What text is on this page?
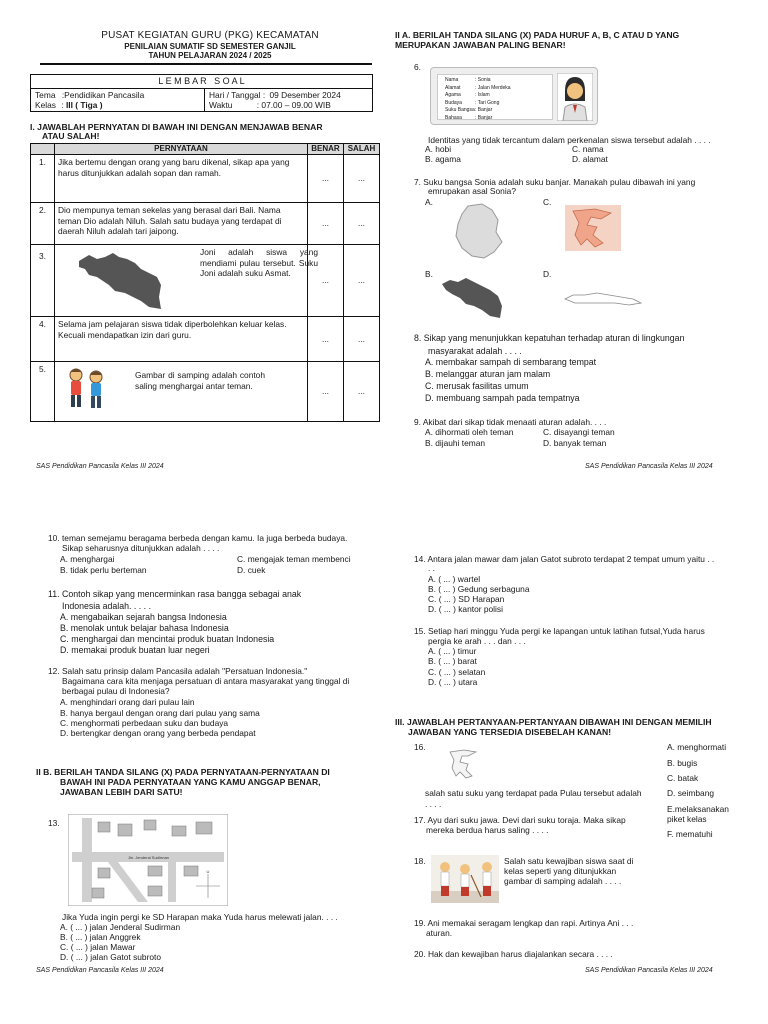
PUSAT KEGIATAN GURU (PKG) KECAMATAN
PENILAIAN SUMATIF SD SEMESTER GANJIL
TAHUN PELAJARAN 2024 / 2025
L E M B A R   S O A L
Tema :Pendidikan Pancasila
Kelas : III ( Tiga )
Hari / Tanggal : 09 Desember 2024
Waktu	: 07.00 – 09.00 WIB
I. JAWABLAH PERNYATAN DI BAWAH INI DENGAN MENJAWAB BENAR
ATAU SALAH!
	PERNYATAAN	BENAR	SALAH
1.	Jika bertemu dengan orang yang baru dikenal, sikap apa yang harus ditunjukkan adalah sopan dan ramah.	...	...
2.	Dio mempunya teman sekelas yang berasal dari Bali. Nama teman Dio adalah Niluh. Salah satu budaya yang terdapat di daerah Niluh adalah tari jaipong.	...	...
3.	Joni adalah siswa yang mendiami pulau tersebut. Suku Joni adalah suku Asmat.	...	...
4.	Selama jam pelajaran siswa tidak diperbolehkan keluar kelas. Kecuali mendapatkan izin dari guru.	...	...
5.	Gambar di samping adalah contoh saling menghargai antar teman.	...	...
SAS Pendidikan Pancasila Kelas III 2024
II A. BERILAH TANDA SILANG (X) PADA HURUF A, B, C ATAU D YANG
MERUPAKAN JAWABAN PALING BENAR!
6.
Nama	: Sonia
Alamat	: Jalan Merdeka
Agama	: Islam
Budaya	: Tari Gong
Suku Bangsa: Banjar
Bahasa	: Banjar
Identitas yang tidak tercantum dalam perkenalan siswa tersebut adalah . . . .
A. hobi
B. agama
C. nama
D. alamat
7. Suku bangsa Sonia adalah suku banjar. Manakah pulau dibawah ini yang
emrupakan asal Sonia?
A.	C.
B.	D.
8. Sikap yang menunjukkan kepatuhan terhadap aturan di lingkungan
masyarakat adalah . . . .
A. membakar sampah di sembarang tempat
B. melanggar aturan jam malam
C. merusak fasilitas umum
D. membuang sampah pada tempatnya
9. Akibat dari sikap tidak menaati aturan adalah. . . .
A. dihormati oleh teman
B. dijauhi teman
C. disayangi teman
D. banyak teman
SAS Pendidikan Pancasila Kelas III 2024
10. teman semejamu beragama berbeda dengan kamu. Ia juga berbeda budaya.
Sikap seharusnya ditunjukkan adalah . . . .
A. menghargai
B. tidak perlu berteman
C. mengajak teman membenci
D. cuek
11. Contoh sikap yang mencerminkan rasa bangga sebagai anak
Indonesia adalah. . . . .
A. mengabaikan sejarah bangsa Indonesia
B. menolak untuk belajar bahasa Indonesia
C. menghargai dan mencintai produk buatan Indonesia
D. memakai produk buatan luar negeri
12. Salah satu prinsip dalam Pancasila adalah "Persatuan Indonesia."
Bagaimana cara kita menjaga persatuan di antara masyarakat yang tinggal di
berbagai pulau di Indonesia?
A. menghindari orang dari pulau lain
B. hanya bergaul dengan orang dari pulau yang sama
C. menghormati perbedaan suku dan budaya
D. bertengkar dengan orang yang berbeda pendapat
II B. BERILAH TANDA SILANG (X) PADA PERNYATAAN-PERNYATAAN DI
BAWAH INI PADA PERNYATAAN YANG KAMU ANGGAP BENAR,
JAWABAN LEBIH DARI SATU!
13.
U
Jln. Jenderal Sudirman
Jika Yuda ingin pergi ke SD Harapan maka Yuda harus melewati jalan. . . .
A. ( ... ) jalan Jenderal Sudirman
B. ( ... ) jalan Anggrek
C. ( ... ) jalan Mawar
D. ( ... ) jalan Gatot subroto
SAS Pendidikan Pancasila Kelas III 2024
14. Antara jalan mawar dam jalan Gatot subroto terdapat 2 tempat umum yaitu . .
. .
A. ( ... ) wartel
B. ( ... ) Gedung serbaguna
C. ( ... ) SD Harapan
D. ( ... ) kantor polisi
15. Setiap hari minggu Yuda pergi ke lapangan untuk latihan futsal,Yuda harus
pergia ke arah . . . dan . . .
A. ( ... ) timur
B. ( ... ) barat
C. ( ... ) selatan
D. ( ... ) utara
III. JAWABLAH PERTANYAAN-PERTANYAAN DIBAWAH INI DENGAN MEMILIH
JAWABAN YANG TERSEDIA DISEBELAH KANAN!
A. menghormati
B. bugis
C. batak
D. seimbang
E.melaksanakan
piket kelas
F. mematuhi
16.
salah satu suku yang terdapat pada Pulau tersebut adalah
. . . .
17. Ayu dari suku jawa. Devi dari suku toraja. Maka sikap
mereka berdua harus saling . . . .
18.	Salah satu kewajiban siswa saat di
kelas seperti yang ditunjukkan
gambar di samping adalah . . . .
19. Ani memakai seragam lengkap dan rapi. Artinya Ani . . .
aturan.
20. Hak dan kewajiban harus diajalankan secara . . . .
SAS Pendidikan Pancasila Kelas III 2024
